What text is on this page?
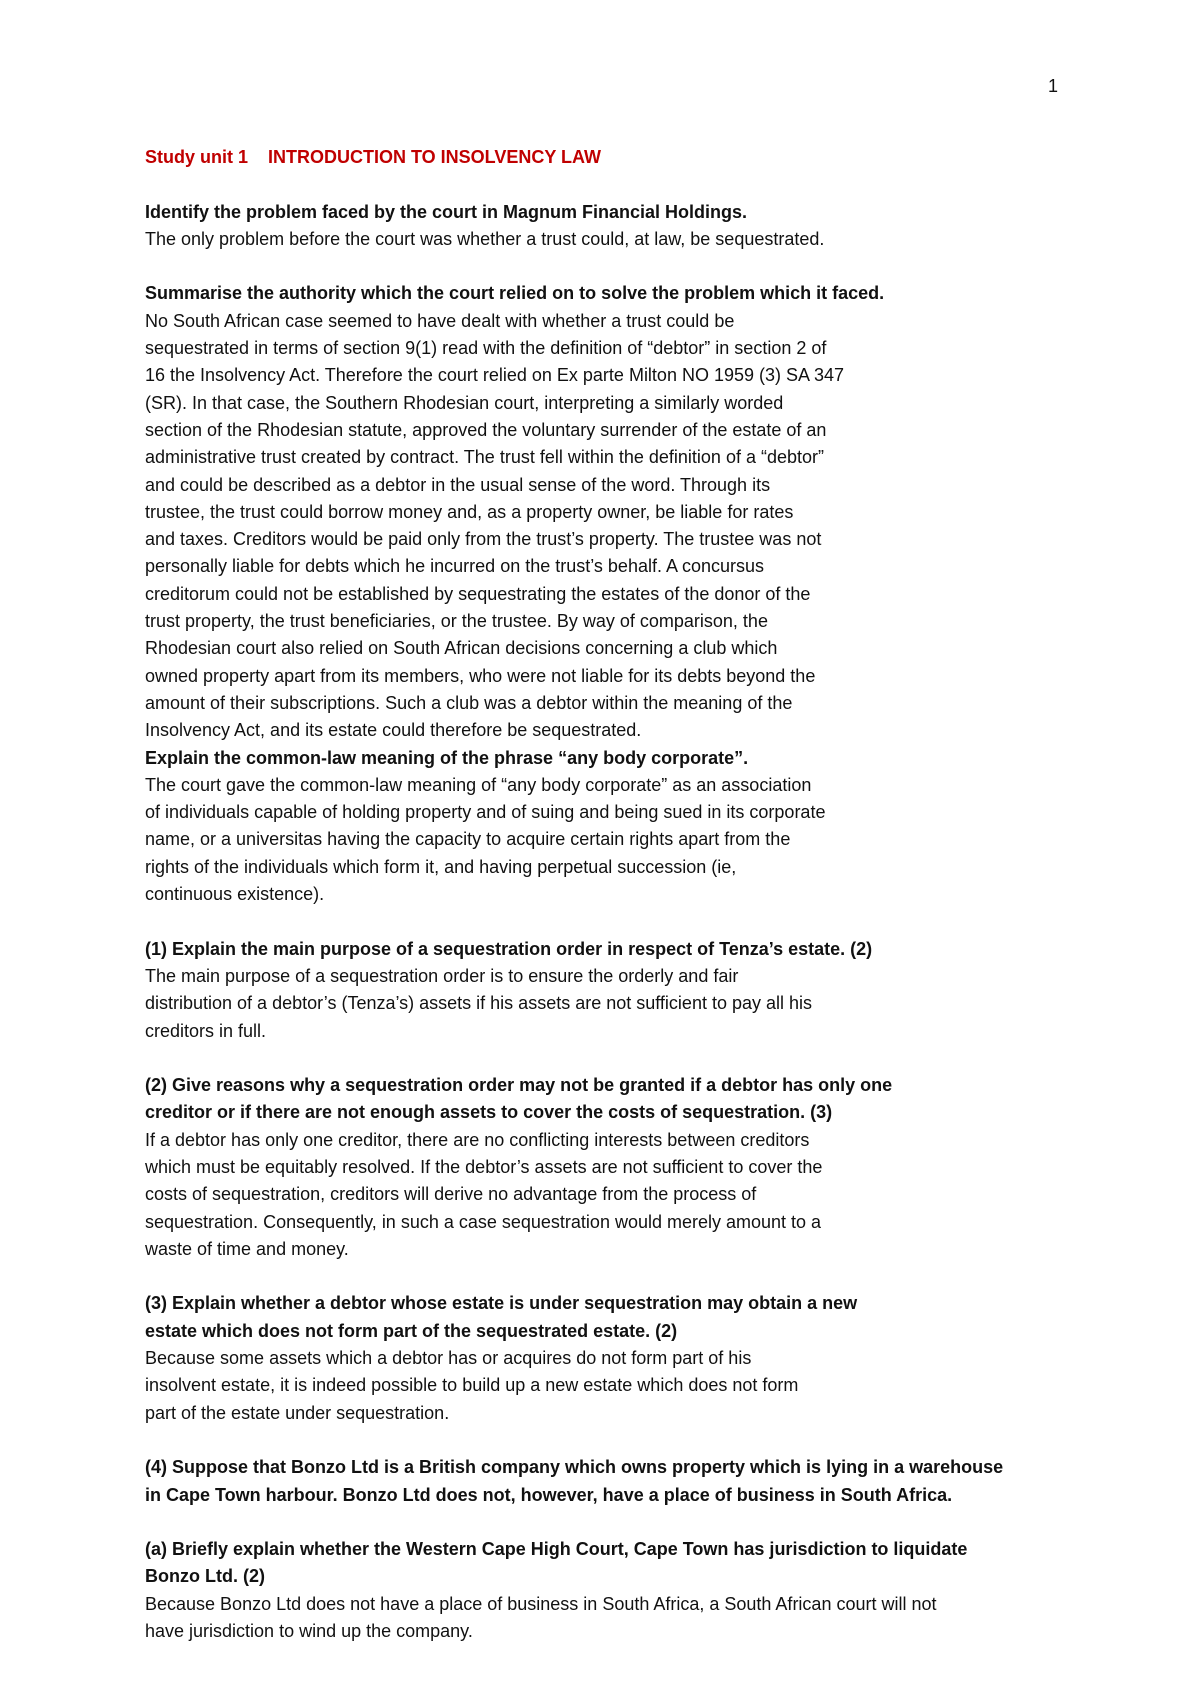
1
Study unit 1 INTRODUCTION TO INSOLVENCY LAW
Identify the problem faced by the court in Magnum Financial Holdings.
The only problem before the court was whether a trust could, at law, be sequestrated.
Summarise the authority which the court relied on to solve the problem which it faced.
No South African case seemed to have dealt with whether a trust could be
sequestrated in terms of section 9(1) read with the definition of “debtor” in section 2 of
16 the Insolvency Act. Therefore the court relied on Ex parte Milton NO 1959 (3) SA 347
(SR). In that case, the Southern Rhodesian court, interpreting a similarly worded
section of the Rhodesian statute, approved the voluntary surrender of the estate of an
administrative trust created by contract. The trust fell within the definition of a “debtor”
and could be described as a debtor in the usual sense of the word. Through its
trustee, the trust could borrow money and, as a property owner, be liable for rates
and taxes. Creditors would be paid only from the trust’s property. The trustee was not
personally liable for debts which he incurred on the trust’s behalf. A concursus
creditorum could not be established by sequestrating the estates of the donor of the
trust property, the trust beneficiaries, or the trustee. By way of comparison, the
Rhodesian court also relied on South African decisions concerning a club which
owned property apart from its members, who were not liable for its debts beyond the
amount of their subscriptions. Such a club was a debtor within the meaning of the
Insolvency Act, and its estate could therefore be sequestrated.
Explain the common-law meaning of the phrase “any body corporate”.
The court gave the common-law meaning of “any body corporate” as an association
of individuals capable of holding property and of suing and being sued in its corporate
name, or a universitas having the capacity to acquire certain rights apart from the
rights of the individuals which form it, and having perpetual succession (ie,
continuous existence).
(1) Explain the main purpose of a sequestration order in respect of Tenza’s estate. (2)
The main purpose of a sequestration order is to ensure the orderly and fair
distribution of a debtor’s (Tenza’s) assets if his assets are not sufficient to pay all his
creditors in full.
(2) Give reasons why a sequestration order may not be granted if a debtor has only one
creditor or if there are not enough assets to cover the costs of sequestration. (3)
If a debtor has only one creditor, there are no conflicting interests between creditors
which must be equitably resolved. If the debtor’s assets are not sufficient to cover the
costs of sequestration, creditors will derive no advantage from the process of
sequestration. Consequently, in such a case sequestration would merely amount to a
waste of time and money.
(3) Explain whether a debtor whose estate is under sequestration may obtain a new
estate which does not form part of the sequestrated estate. (2)
Because some assets which a debtor has or acquires do not form part of his
insolvent estate, it is indeed possible to build up a new estate which does not form
part of the estate under sequestration.
(4) Suppose that Bonzo Ltd is a British company which owns property which is lying in a warehouse
in Cape Town harbour. Bonzo Ltd does not, however, have a place of business in South Africa.
(a) Briefly explain whether the Western Cape High Court, Cape Town has jurisdiction to liquidate
Bonzo Ltd. (2)
Because Bonzo Ltd does not have a place of business in South Africa, a South African court will not
have jurisdiction to wind up the company.
